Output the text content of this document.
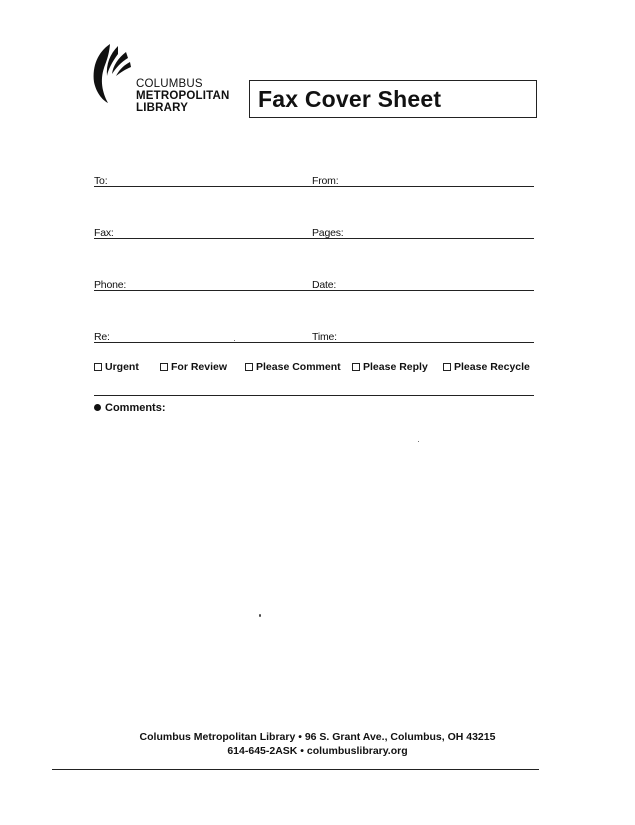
COLUMBUS
METROPOLITAN
LIBRARY	Fax Cover Sheet
To:	From:
Fax:	Pages:
Phone:	Date:
Re:	Time:
Urgent	For Review	Please Comment	Please Reply	Please Recycle
Comments:
Columbus Metropolitan Library • 96 S. Grant Ave., Columbus, OH 43215
614-645-2ASK • columbuslibrary.org
